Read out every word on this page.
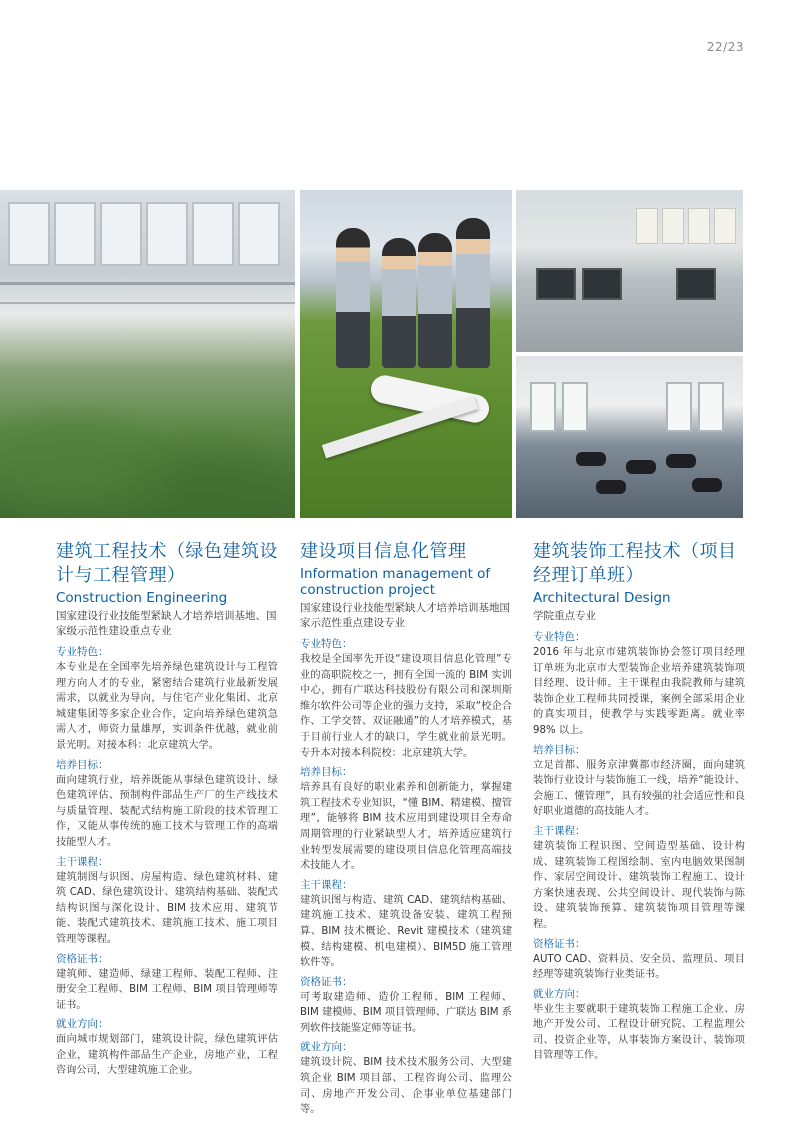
22/23
建筑工程技术（绿色建筑设计与工程管理）
Construction Engineering
国家建设行业技能型紧缺人才培养培训基地、国家级示范性建设重点专业
专业特色：

本专业是在全国率先培养绿色建筑设计与工程管理方向人才的专业，紧密结合建筑行业最新发展需求，以就业为导向，与住宅产业化集团、北京城建集团等多家企业合作，定向培养绿色建筑急需人才，师资力量雄厚，实训条件优越，就业前景光明。对接本科：北京建筑大学。

培养目标：

面向建筑行业，培养既能从事绿色建筑设计、绿色建筑评估、预制构件部品生产厂的生产线技术与质量管理、装配式结构施工阶段的技术管理工作，又能从事传统的施工技术与管理工作的高端技能型人才。

主干课程：

建筑制图与识图、房屋构造、绿色建筑材料、建筑 CAD、绿色建筑设计、建筑结构基础、装配式结构识图与深化设计、BIM 技术应用、建筑节能、装配式建筑技术、建筑施工技术、施工项目管理等课程。

资格证书：

建筑师、建造师、绿建工程师、装配工程师、注册安全工程师、BIM 工程师、BIM 项目管理师等证书。

就业方向：

面向城市规划部门，建筑设计院，绿色建筑评估企业，建筑构件部品生产企业，房地产业，工程咨询公司，大型建筑施工企业。

建设项目信息化管理
Information management of construction project
国家建设行业技能型紧缺人才培养培训基地国家示范性重点建设专业
专业特色：

我校是全国率先开设“建设项目信息化管理”专业的高职院校之一，拥有全国一流的 BIM 实训中心，拥有广联达科技股份有限公司和深圳斯维尔软件公司等企业的强力支持，采取“校企合作、工学交替、双证融通”的人才培养模式，基于目前行业人才的缺口，学生就业前景光明。专升本对接本科院校：北京建筑大学。

培养目标：

培养具有良好的职业素养和创新能力，掌握建筑工程技术专业知识，“懂 BIM、精建模、擅管理”，能够将 BIM 技术应用到建设项目全寿命周期管理的行业紧缺型人才，培养适应建筑行业转型发展需要的建设项目信息化管理高端技术技能人才。

主干课程：

建筑识图与构造、建筑 CAD、建筑结构基础、建筑施工技术、建筑设备安装、建筑工程预算、BIM 技术概论、Revit 建模技术（建筑建模、结构建模、机电建模）、BIM5D 施工管理软件等。

资格证书：

可考取建造师、造价工程师、BIM 工程师、BIM 建模师、BIM 项目管理师、广联达 BIM 系列软件技能鉴定师等证书。

就业方向：

建筑设计院、BIM 技术技术服务公司、大型建筑企业 BIM 项目部、工程咨询公司、监理公司、房地产开发公司、企事业单位基建部门等。

建筑装饰工程技术（项目经理订单班）
Architectural Design
学院重点专业
专业特色：

2016 年与北京市建筑装饰协会签订项目经理订单班为北京市大型装饰企业培养建筑装饰项目经理、设计师。主干课程由我院教师与建筑装饰企业工程师共同授课，案例全部采用企业的真实项目，使教学与实践零距离。就业率 98% 以上。

培养目标：

立足首都、服务京津冀都市经济圈，面向建筑装饰行业设计与装饰施工一线，培养“能设计、会施工、懂管理”，具有较强的社会适应性和良好职业道德的高技能人才。

主干课程：

建筑装饰工程识图、空间造型基础、设计构成、建筑装饰工程图绘制、室内电脑效果图制作、家居空间设计、建筑装饰工程施工、设计方案快速表现、公共空间设计、现代装饰与陈设、建筑装饰预算、建筑装饰项目管理等课程。

资格证书：

AUTO CAD、资料员、安全员、监理员、项目经理等建筑装饰行业类证书。

就业方向：

毕业生主要就职于建筑装饰工程施工企业、房地产开发公司、工程设计研究院、工程监理公司、投资企业等，从事装饰方案设计、装饰项目管理等工作。
